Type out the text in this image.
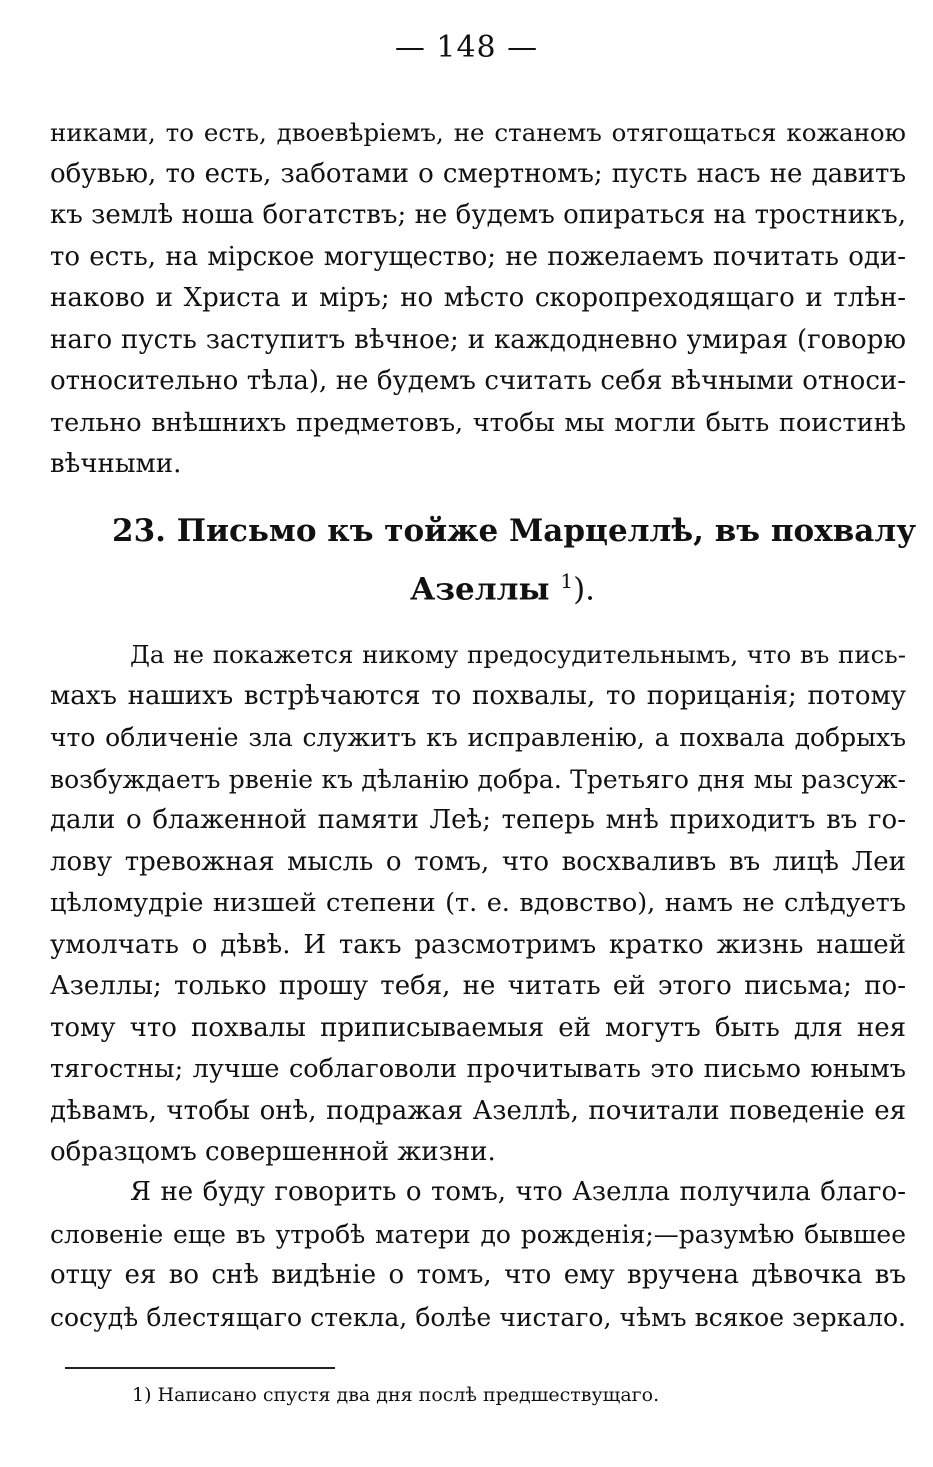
— 148 —
никами, то есть, двоевѣріемъ, не станемъ отягощаться кожаною
обувью, то есть, заботами о смертномъ; пусть насъ не давитъ
къ землѣ ноша богатствъ; не будемъ опираться на тростникъ,
то есть, на мірское могущество; не пожелаемъ почитать оди-
наково и Христа и міръ; но мѣсто скоропреходящаго и тлѣн-
наго пусть заступитъ вѣчное; и каждодневно умирая (говорю
относительно тѣла), не будемъ считать себя вѣчными относи-
тельно внѣшнихъ предметовъ, чтобы мы могли быть поистинѣ
вѣчными.
23. Письмо къ тойже Марцеллѣ, въ похвалу
Азеллы $^1$).
Да не покажется никому предосудительнымъ, что въ пись-
махъ нашихъ встрѣчаются то похвалы, то порицанія; потому
что обличеніе зла служитъ къ исправленію, а похвала добрыхъ
возбуждаетъ рвеніе къ дѣланію добра. Третьяго дня мы разсуж-
дали о блаженной памяти Леѣ; теперь мнѣ приходитъ въ го-
лову тревожная мысль о томъ, что восхваливъ въ лицѣ Леи
цѣломудріе низшей степени (т. е. вдовство), намъ не слѣдуетъ
умолчать о дѣвѣ. И такъ разсмотримъ кратко жизнь нашей
Азеллы; только прошу тебя, не читать ей этого письма; по-
тому что похвалы приписываемыя ей могутъ быть для нея
тягостны; лучше соблаговоли прочитывать это письмо юнымъ
дѣвамъ, чтобы онѣ, подражая Азеллѣ, почитали поведеніе ея
образцомъ совершенной жизни.
Я не буду говорить о томъ, что Азелла получила благо-
словеніе еще въ утробѣ матери до рожденія;—разумѣю бывшее
отцу ея во снѣ видѣніе о томъ, что ему вручена дѣвочка въ
сосудѣ блестящаго стекла, болѣе чистаго, чѣмъ всякое зеркало.
1) Написано спустя два дня послѣ предшествущаго.
